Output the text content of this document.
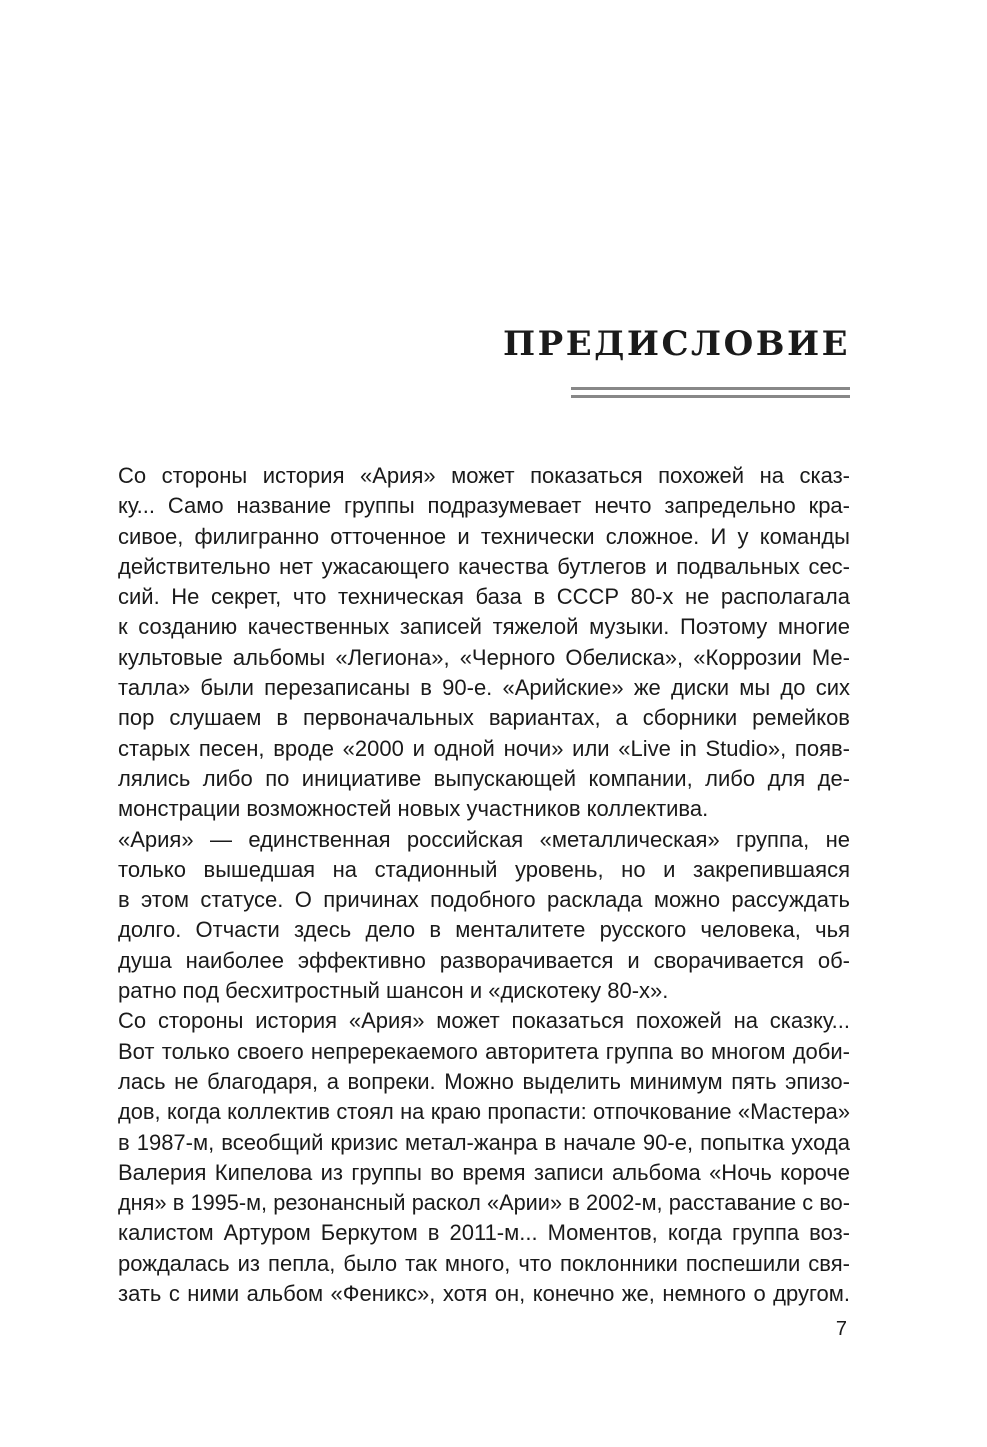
ПРЕДИСЛОВИЕ

Со стороны история «Ария» может показаться похожей на сказ-
ку... Само название группы подразумевает нечто запредельно кра-
сивое, филигранно отточенное и технически сложное. И у команды
действительно нет ужасающего качества бутлегов и подвальных сес-
сий. Не секрет, что техническая база в СССР 80-х не располагала
к созданию качественных записей тяжелой музыки. Поэтому многие
культовые альбомы «Легиона», «Черного Обелиска», «Коррозии Ме-
талла» были перезаписаны в 90-е. «Арийские» же диски мы до сих
пор слушаем в первоначальных вариантах, а сборники ремейков
старых песен, вроде «2000 и одной ночи» или «Live in Studio», появ-
лялись либо по инициативе выпускающей компании, либо для де-
монстрации возможностей новых участников коллектива.

«Ария» — единственная российская «металлическая» группа, не
только вышедшая на стадионный уровень, но и закрепившаяся
в этом статусе. О причинах подобного расклада можно рассуждать
долго. Отчасти здесь дело в менталитете русского человека, чья
душа наиболее эффективно разворачивается и сворачивается об-
ратно под бесхитростный шансон и «дискотеку 80-х».

Со стороны история «Ария» может показаться похожей на сказку...
Вот только своего непререкаемого авторитета группа во многом доби-
лась не благодаря, а вопреки. Можно выделить минимум пять эпизо-
дов, когда коллектив стоял на краю пропасти: отпочкование «Мастера»
в 1987-м, всеобщий кризис метал-жанра в начале 90-е, попытка ухода
Валерия Кипелова из группы во время записи альбома «Ночь короче
дня» в 1995-м, резонансный раскол «Арии» в 2002-м, расставание с во-
калистом Артуром Беркутом в 2011-м... Моментов, когда группа воз-
рождалась из пепла, было так много, что поклонники поспешили свя-
зать с ними альбом «Феникс», хотя он, конечно же, немного о другом.

7
